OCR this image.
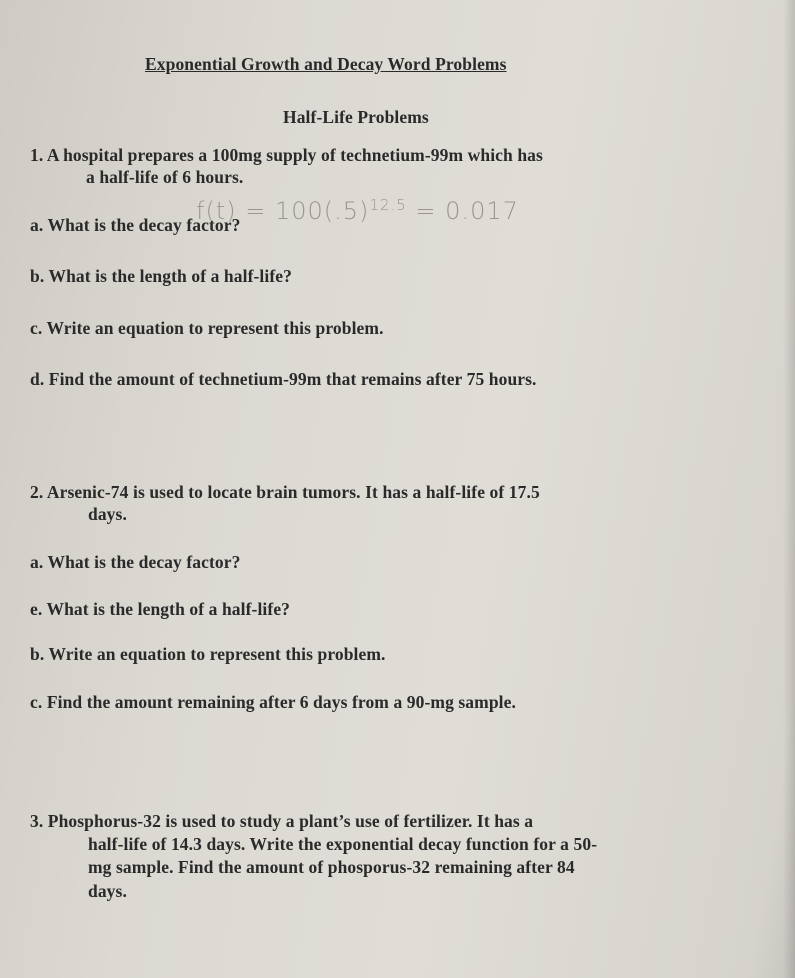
Exponential Growth and Decay Word Problems
Half-Life Problems
1. A hospital prepares a 100mg supply of technetium-99m which has
a half-life of 6 hours.
$f(t) = 100(.5)^{12.5} = 0.017$
a. What is the decay factor?
b. What is the length of a half-life?
c. Write an equation to represent this problem.
d. Find the amount of technetium-99m that remains after 75 hours.
2. Arsenic-74 is used to locate brain tumors. It has a half-life of 17.5
days.
a. What is the decay factor?
e. What is the length of a half-life?
b. Write an equation to represent this problem.
c. Find the amount remaining after 6 days from a 90-mg sample.
3. Phosphorus-32 is used to study a plant’s use of fertilizer. It has a
half-life of 14.3 days. Write the exponential decay function for a 50-
mg sample. Find the amount of phosporus-32 remaining after 84
days.
